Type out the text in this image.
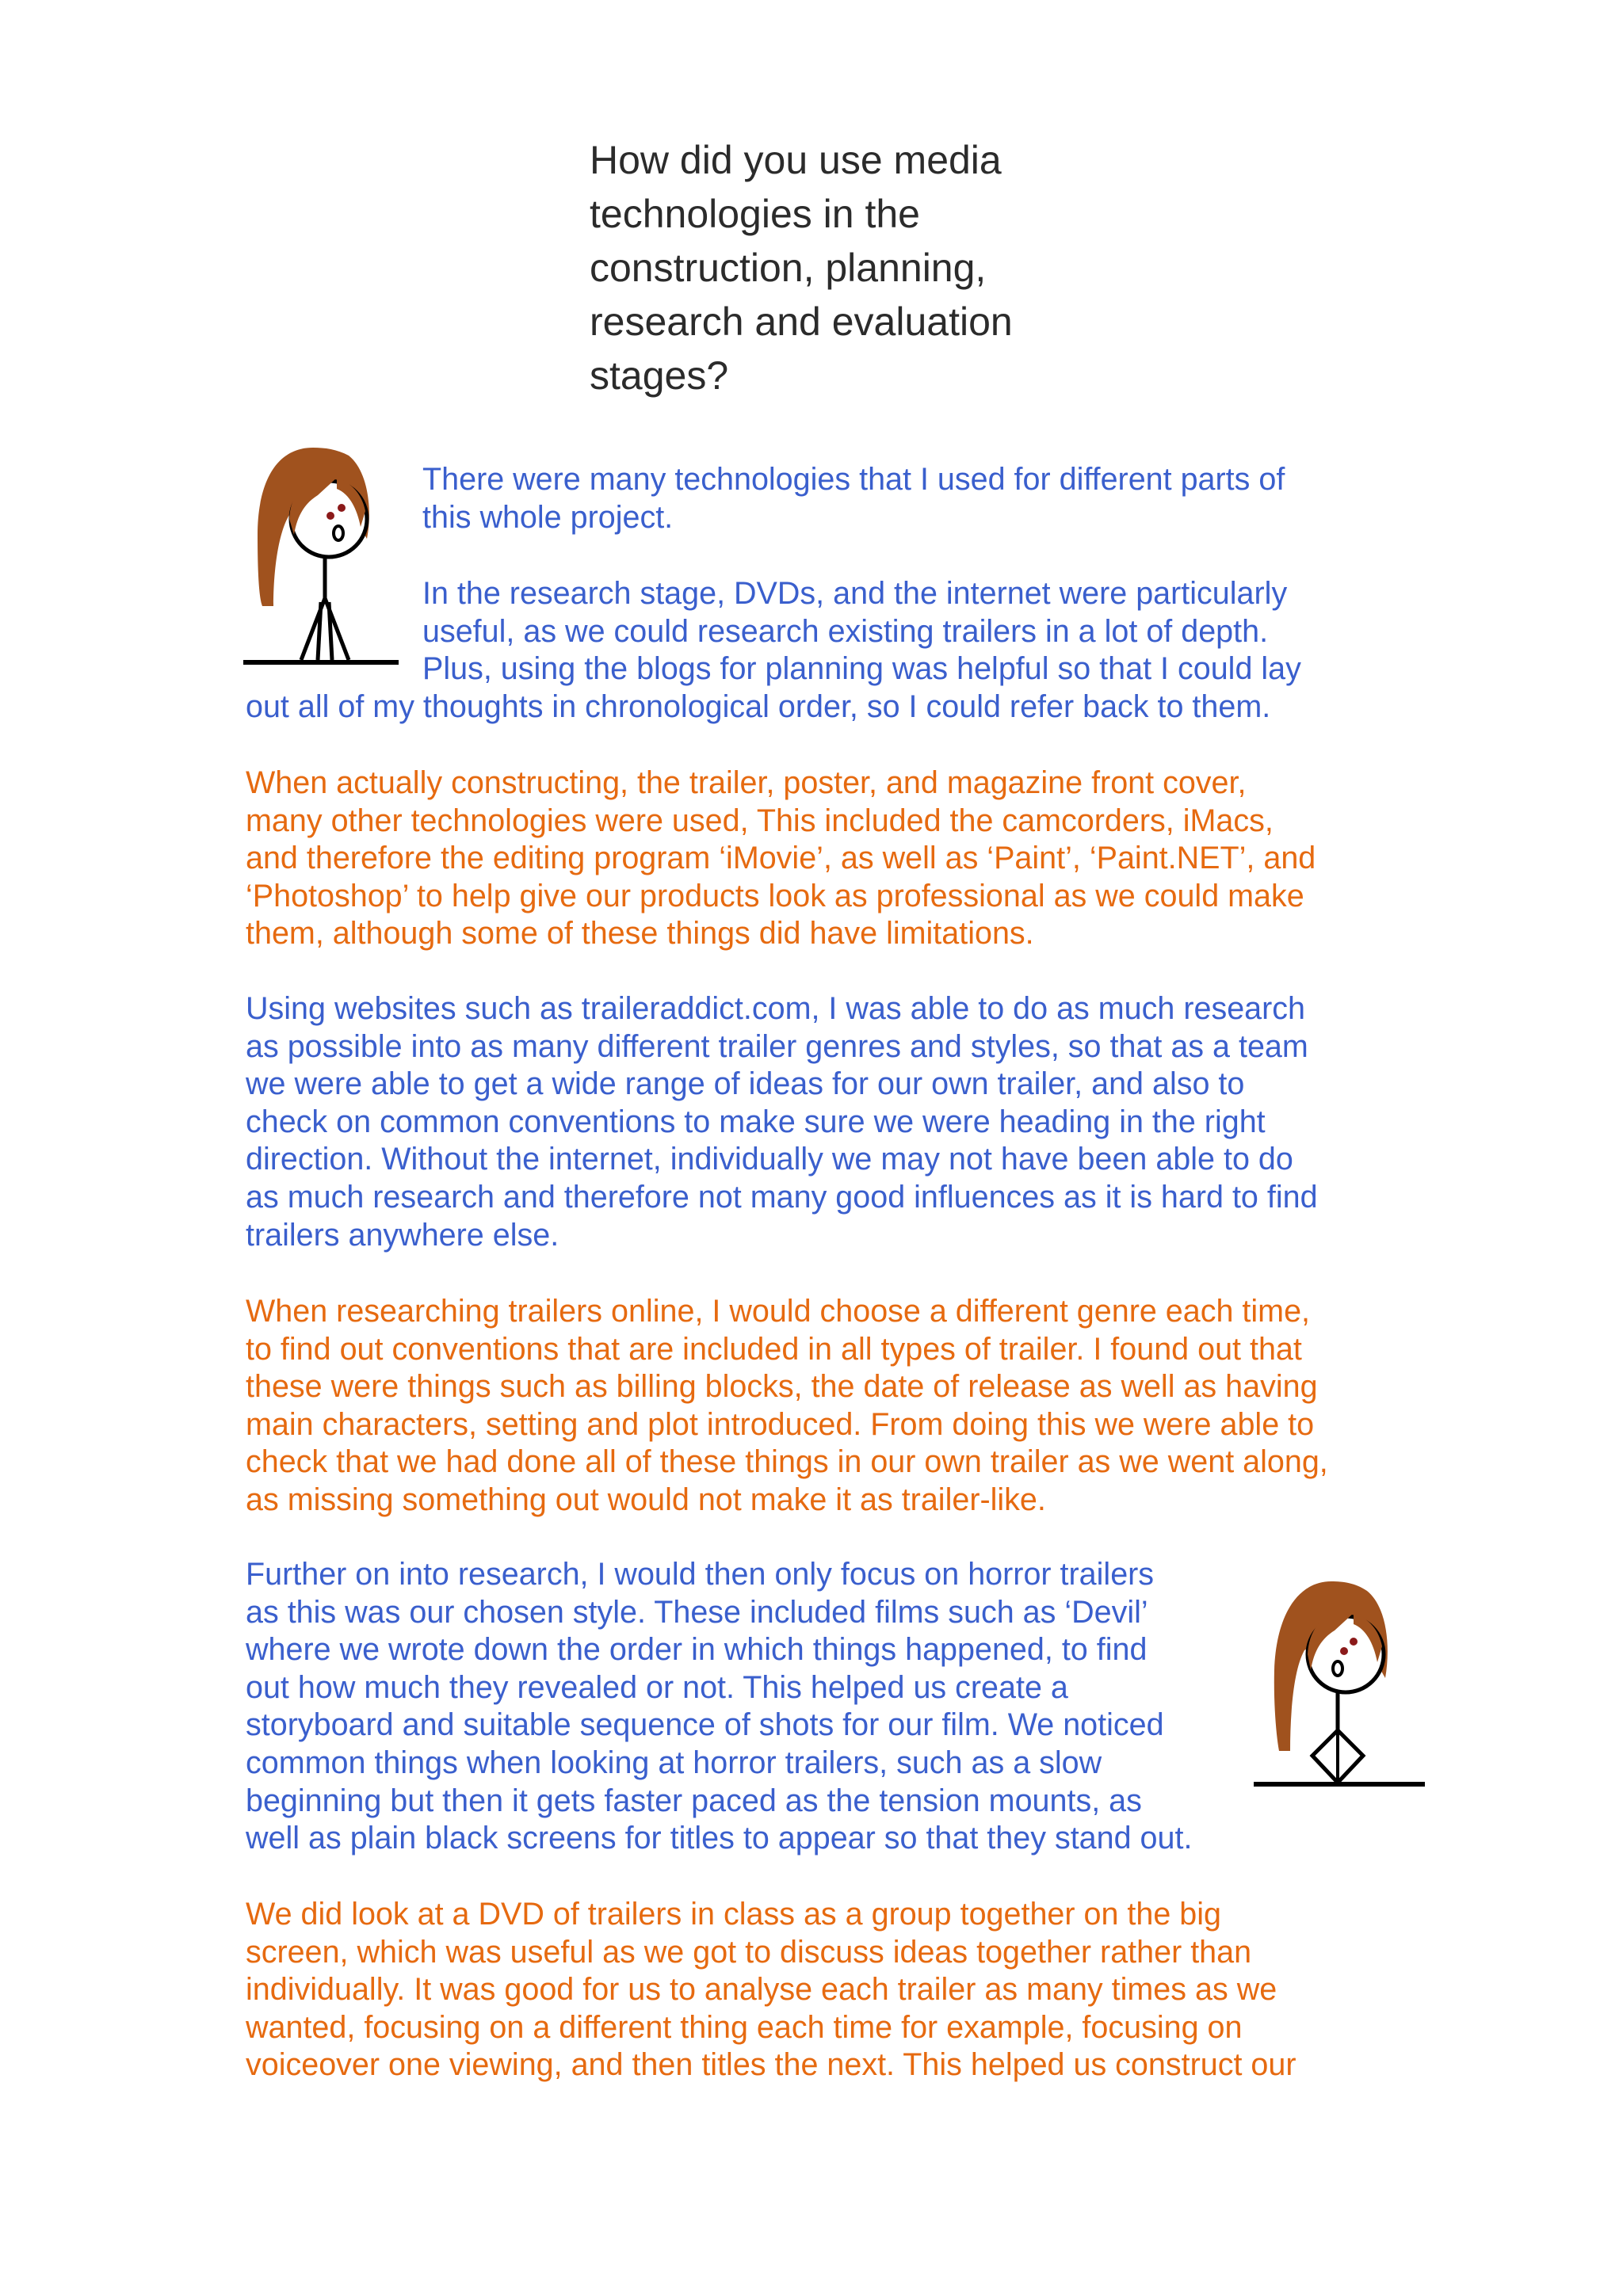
How did you use media technologies in the construction, planning, research and evaluation stages?

There were many technologies that I used for different parts of
this whole project.

In the research stage, DVDs, and the internet were particularly
useful, as we could research existing trailers in a lot of depth.
Plus, using the blogs for planning was helpful so that I could lay

out all of my thoughts in chronological order, so I could refer back to them.

When actually constructing, the trailer, poster, and magazine front cover,
many other technologies were used, This included the camcorders, iMacs,
and therefore the editing program ‘iMovie’, as well as ‘Paint’, ‘Paint.NET’, and
‘Photoshop’ to help give our products look as professional as we could make
them, although some of these things did have limitations.

Using websites such as traileraddict.com, I was able to do as much research
as possible into as many different trailer genres and styles, so that as a team
we were able to get a wide range of ideas for our own trailer, and also to
check on common conventions to make sure we were heading in the right
direction. Without the internet, individually we may not have been able to do
as much research and therefore not many good influences as it is hard to find
trailers anywhere else.

When researching trailers online, I would choose a different genre each time,
to find out conventions that are included in all types of trailer. I found out that
these were things such as billing blocks, the date of release as well as having
main characters, setting and plot introduced. From doing this we were able to
check that we had done all of these things in our own trailer as we went along,
as missing something out would not make it as trailer-like.

Further on into research, I would then only focus on horror trailers
as this was our chosen style. These included films such as ‘Devil’
where we wrote down the order in which things happened, to find
out how much they revealed or not. This helped us create a
storyboard and suitable sequence of shots for our film. We noticed
common things when looking at horror trailers, such as a slow
beginning but then it gets faster paced as the tension mounts, as
well as plain black screens for titles to appear so that they stand out.

We did look at a DVD of trailers in class as a group together on the big
screen, which was useful as we got to discuss ideas together rather than
individually. It was good for us to analyse each trailer as many times as we
wanted, focusing on a different thing each time for example, focusing on
voiceover one viewing, and then titles the next. This helped us construct our
